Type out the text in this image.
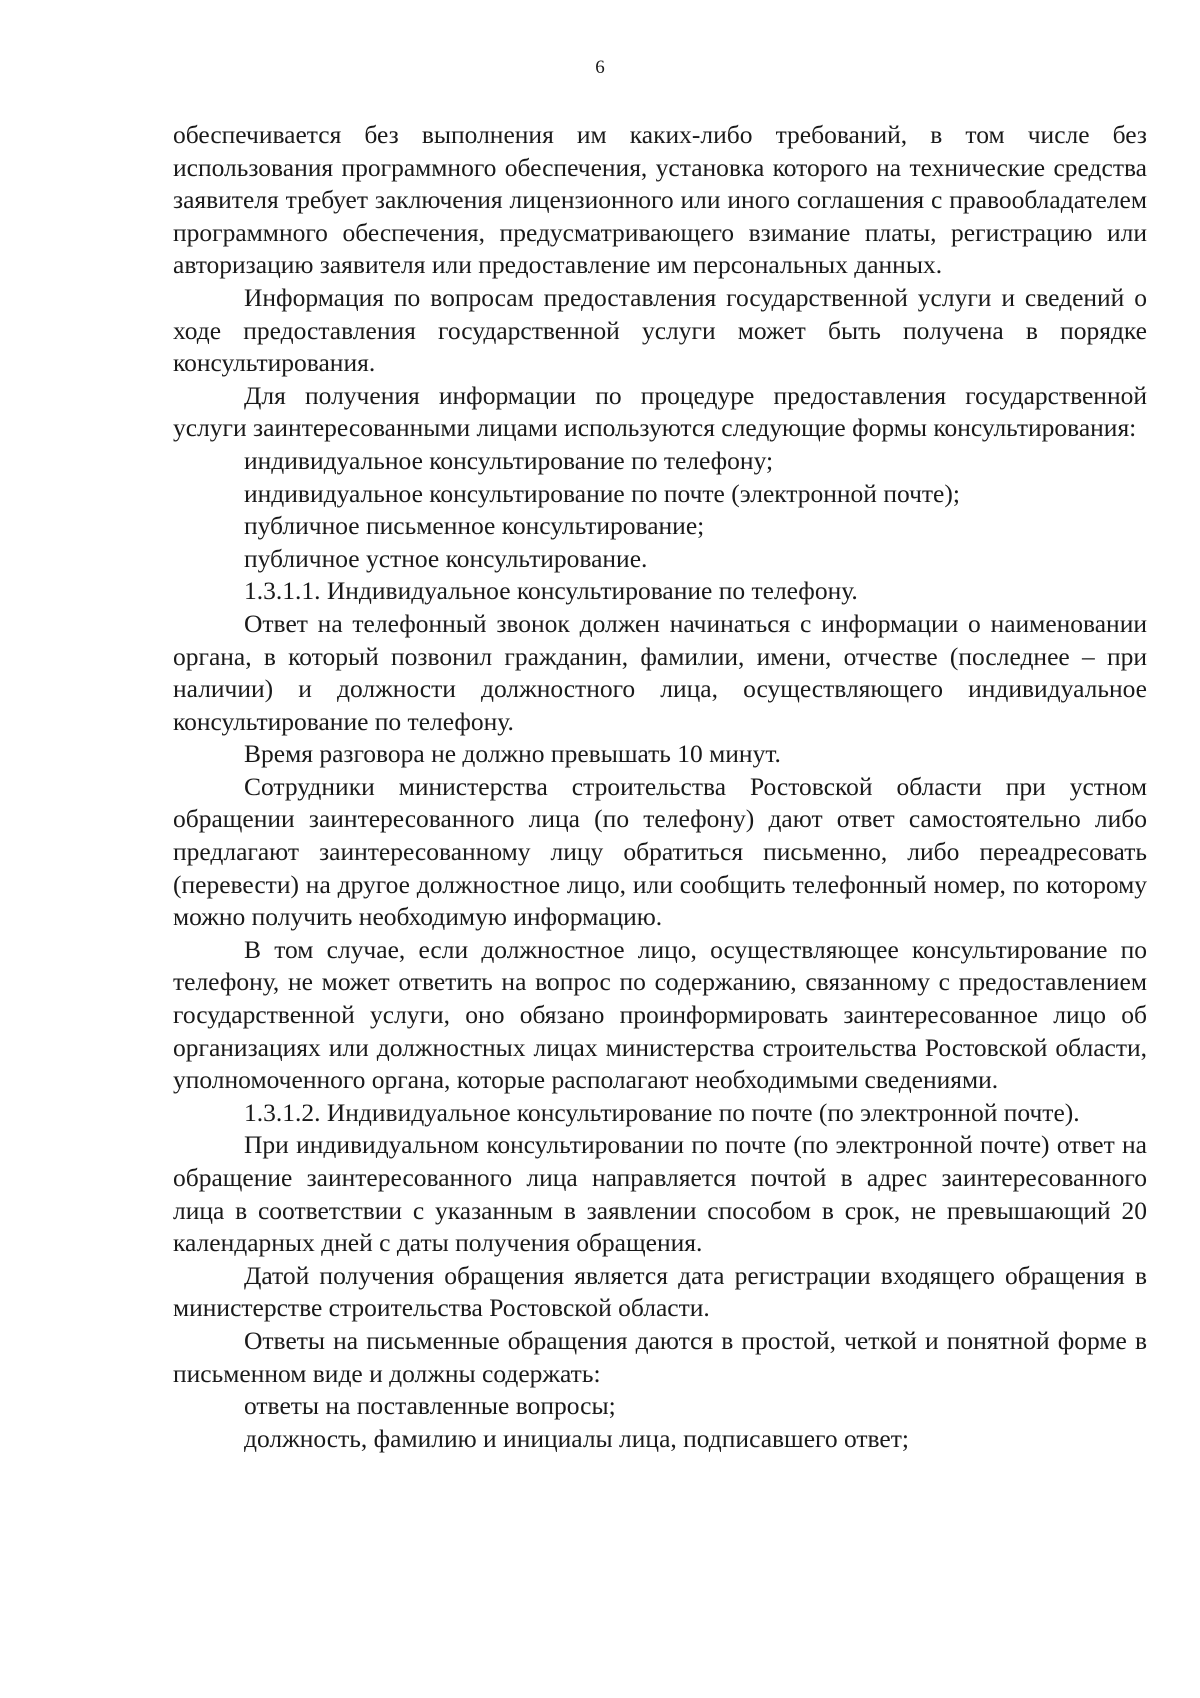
6

обеспечивается без выполнения им каких-либо требований, в том числе без использования программного обеспечения, установка которого на технические средства заявителя требует заключения лицензионного или иного соглашения с правообладателем программного обеспечения, предусматривающего взимание платы, регистрацию или авторизацию заявителя или предоставление им персональных данных.

Информация по вопросам предоставления государственной услуги и сведений о ходе предоставления государственной услуги может быть получена в порядке консультирования.

Для получения информации по процедуре предоставления государственной услуги заинтересованными лицами используются следующие формы консультирования:

индивидуальное консультирование по телефону;

индивидуальное консультирование по почте (электронной почте);

публичное письменное консультирование;

публичное устное консультирование.

1.3.1.1. Индивидуальное консультирование по телефону.

Ответ на телефонный звонок должен начинаться с информации о наименовании органа, в который позвонил гражданин, фамилии, имени, отчестве (последнее – при наличии) и должности должностного лица, осуществляющего индивидуальное консультирование по телефону.

Время разговора не должно превышать 10 минут.

Сотрудники министерства строительства Ростовской области при устном обращении заинтересованного лица (по телефону) дают ответ самостоятельно либо предлагают заинтересованному лицу обратиться письменно, либо переадресовать (перевести) на другое должностное лицо, или сообщить телефонный номер, по которому можно получить необходимую информацию.

В том случае, если должностное лицо, осуществляющее консультирование по телефону, не может ответить на вопрос по содержанию, связанному с предоставлением государственной услуги, оно обязано проинформировать заинтересованное лицо об организациях или должностных лицах министерства строительства Ростовской области, уполномоченного органа, которые располагают необходимыми сведениями.

1.3.1.2. Индивидуальное консультирование по почте (по электронной почте).

При индивидуальном консультировании по почте (по электронной почте) ответ на обращение заинтересованного лица направляется почтой в адрес заинтересованного лица в соответствии с указанным в заявлении способом в срок, не превышающий 20 календарных дней с даты получения обращения.

Датой получения обращения является дата регистрации входящего обращения в министерстве строительства Ростовской области.

Ответы на письменные обращения даются в простой, четкой и понятной форме в письменном виде и должны содержать:

ответы на поставленные вопросы;

должность, фамилию и инициалы лица, подписавшего ответ;
